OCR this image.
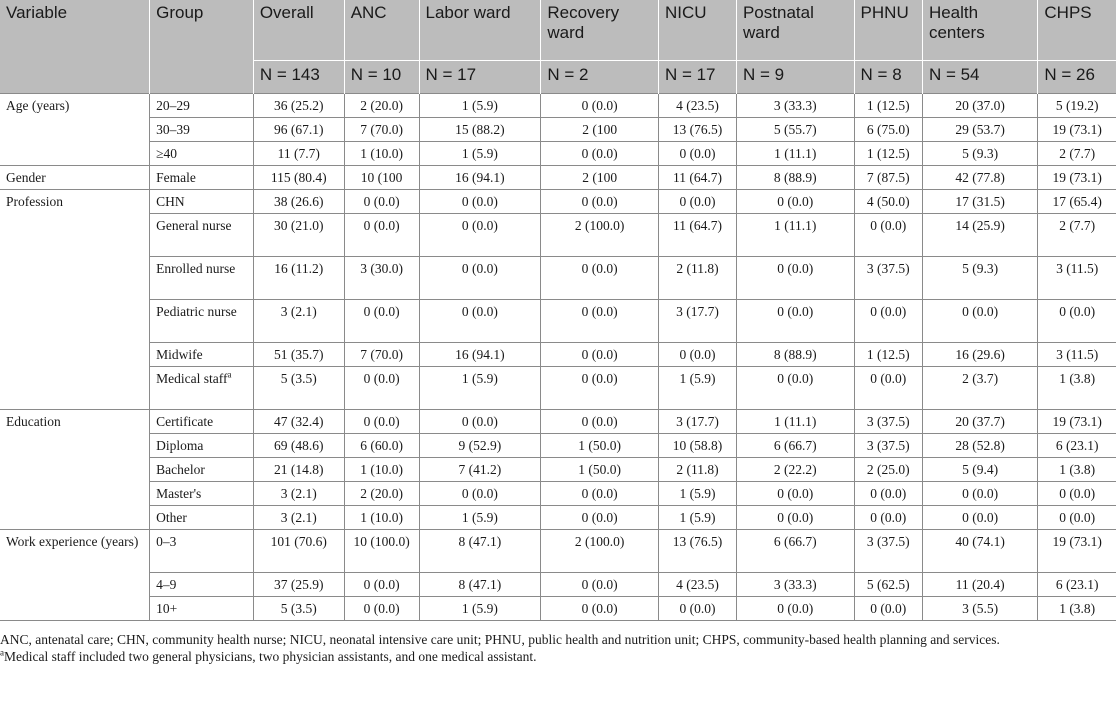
Variable	Group	Overall	ANC	Labor ward	Recovery ward	NICU	Postnatal ward	PHNU	Health centers	CHPS
		N = 143	N = 10	N = 17	N = 2	N = 17	N = 9	N = 8	N = 54	N = 26
Age (years)	20–29	36 (25.2)	2 (20.0)	1 (5.9)	0 (0.0)	4 (23.5)	3 (33.3)	1 (12.5)	20 (37.0)	5 (19.2)
	30–39	96 (67.1)	7 (70.0)	15 (88.2)	2 (100	13 (76.5)	5 (55.7)	6 (75.0)	29 (53.7)	19 (73.1)
	≥40	11 (7.7)	1 (10.0)	1 (5.9)	0 (0.0)	0 (0.0)	1 (11.1)	1 (12.5)	5 (9.3)	2 (7.7)
Gender	Female	115 (80.4)	10 (100	16 (94.1)	2 (100	11 (64.7)	8 (88.9)	7 (87.5)	42 (77.8)	19 (73.1)
Profession	CHN	38 (26.6)	0 (0.0)	0 (0.0)	0 (0.0)	0 (0.0)	0 (0.0)	4 (50.0)	17 (31.5)	17 (65.4)
	General nurse	30 (21.0)	0 (0.0)	0 (0.0)	2 (100.0)	11 (64.7)	1 (11.1)	0 (0.0)	14 (25.9)	2 (7.7)
	Enrolled nurse	16 (11.2)	3 (30.0)	0 (0.0)	0 (0.0)	2 (11.8)	0 (0.0)	3 (37.5)	5 (9.3)	3 (11.5)
	Pediatric nurse	3 (2.1)	0 (0.0)	0 (0.0)	0 (0.0)	3 (17.7)	0 (0.0)	0 (0.0)	0 (0.0)	0 (0.0)
	Midwife	51 (35.7)	7 (70.0)	16 (94.1)	0 (0.0)	0 (0.0)	8 (88.9)	1 (12.5)	16 (29.6)	3 (11.5)
	Medical staff$^a$	5 (3.5)	0 (0.0)	1 (5.9)	0 (0.0)	1 (5.9)	0 (0.0)	0 (0.0)	2 (3.7)	1 (3.8)
Education	Certificate	47 (32.4)	0 (0.0)	0 (0.0)	0 (0.0)	3 (17.7)	1 (11.1)	3 (37.5)	20 (37.7)	19 (73.1)
	Diploma	69 (48.6)	6 (60.0)	9 (52.9)	1 (50.0)	10 (58.8)	6 (66.7)	3 (37.5)	28 (52.8)	6 (23.1)
	Bachelor	21 (14.8)	1 (10.0)	7 (41.2)	1 (50.0)	2 (11.8)	2 (22.2)	2 (25.0)	5 (9.4)	1 (3.8)
	Master's	3 (2.1)	2 (20.0)	0 (0.0)	0 (0.0)	1 (5.9)	0 (0.0)	0 (0.0)	0 (0.0)	0 (0.0)
	Other	3 (2.1)	1 (10.0)	1 (5.9)	0 (0.0)	1 (5.9)	0 (0.0)	0 (0.0)	0 (0.0)	0 (0.0)
Work experience (years)	0–3	101 (70.6)	10 (100.0)	8 (47.1)	2 (100.0)	13 (76.5)	6 (66.7)	3 (37.5)	40 (74.1)	19 (73.1)
	4–9	37 (25.9)	0 (0.0)	8 (47.1)	0 (0.0)	4 (23.5)	3 (33.3)	5 (62.5)	11 (20.4)	6 (23.1)
	10+	5 (3.5)	0 (0.0)	1 (5.9)	0 (0.0)	0 (0.0)	0 (0.0)	0 (0.0)	3 (5.5)	1 (3.8)
ANC, antenatal care; CHN, community health nurse; NICU, neonatal intensive care unit; PHNU, public health and nutrition unit; CHPS, community-based health planning and services.
$^a$Medical staff included two general physicians, two physician assistants, and one medical assistant.
